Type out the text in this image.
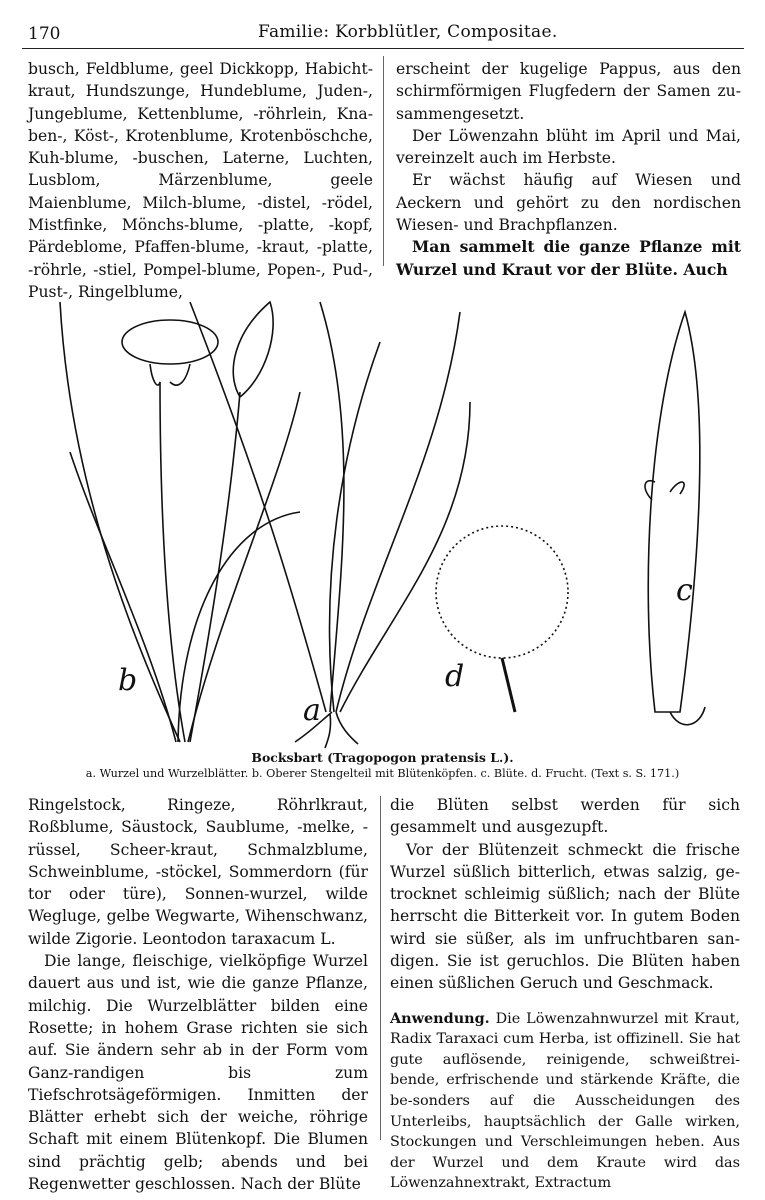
170	Familie: Korbblütler, Compositae.

busch, Feldblume, geel Dickkopp, Habicht-kraut, Hundszunge, Hundeblume, Juden-, Jungeblume, Kettenblume, -röhrlein, Kna-ben-, Köst-, Krotenblume, Krotenböschche, Kuh-blume, -buschen, Laterne, Luchten, Lusblom, Märzenblume, geele Maienblume, Milch-blume, -distel, -rödel, Mistfinke, Mönchs-blume, -platte, -kopf, Pärdeblome, Pfaffen-blume, -kraut, -platte, -röhrle, -stiel, Pompel-blume, Popen-, Pud-, Pust-, Ringelblume,

erscheint der kugelige Pappus, aus den schirmförmigen Flugfedern der Samen zu-sammengesetzt.

Der Löwenzahn blüht im April und Mai, vereinzelt auch im Herbste.

Er wächst häufig auf Wiesen und Aeckern und gehört zu den nordischen Wiesen- und Brachpflanzen.

Man sammelt die ganze Pflanze mit Wurzel und Kraut vor der Blüte. Auch

a
b
c
d
Bocksbart (Tragopogon pratensis L.).
a. Wurzel und Wurzelblätter. b. Oberer Stengelteil mit Blütenköpfen. c. Blüte. d. Frucht. (Text s. S. 171.)

Ringelstock, Ringeze, Röhrlkraut, Roßblume, Säustock, Saublume, -melke, -rüssel, Scheer-kraut, Schmalzblume, Schweinblume, -stöckel, Sommerdorn (für tor oder türe), Sonnen-wurzel, wilde Wegluge, gelbe Wegwarte, Wihenschwanz, wilde Zigorie. Leontodon taraxacum L.

Die lange, fleischige, vielköpfige Wurzel dauert aus und ist, wie die ganze Pflanze, milchig. Die Wurzelblätter bilden eine Rosette; in hohem Grase richten sie sich auf. Sie ändern sehr ab in der Form vom Ganz-randigen bis zum Tiefschrotsägeförmigen. Inmitten der Blätter erhebt sich der weiche, röhrige Schaft mit einem Blütenkopf. Die Blumen sind prächtig gelb; abends und bei Regenwetter geschlossen. Nach der Blüte

die Blüten selbst werden für sich gesammelt und ausgezupft.

Vor der Blütenzeit schmeckt die frische Wurzel süßlich bitterlich, etwas salzig, ge-trocknet schleimig süßlich; nach der Blüte herrscht die Bitterkeit vor. In gutem Boden wird sie süßer, als im unfruchtbaren san-digen. Sie ist geruchlos. Die Blüten haben einen süßlichen Geruch und Geschmack.

Anwendung. Die Löwenzahnwurzel mit Kraut, Radix Taraxaci cum Herba, ist offizinell. Sie hat gute auflösende, reinigende, schweißtrei-bende, erfrischende und stärkende Kräfte, die be-sonders auf die Ausscheidungen des Unterleibs, hauptsächlich der Galle wirken, Stockungen und Verschleimungen heben. Aus der Wurzel und dem Kraute wird das Löwenzahnextrakt, Extractum
